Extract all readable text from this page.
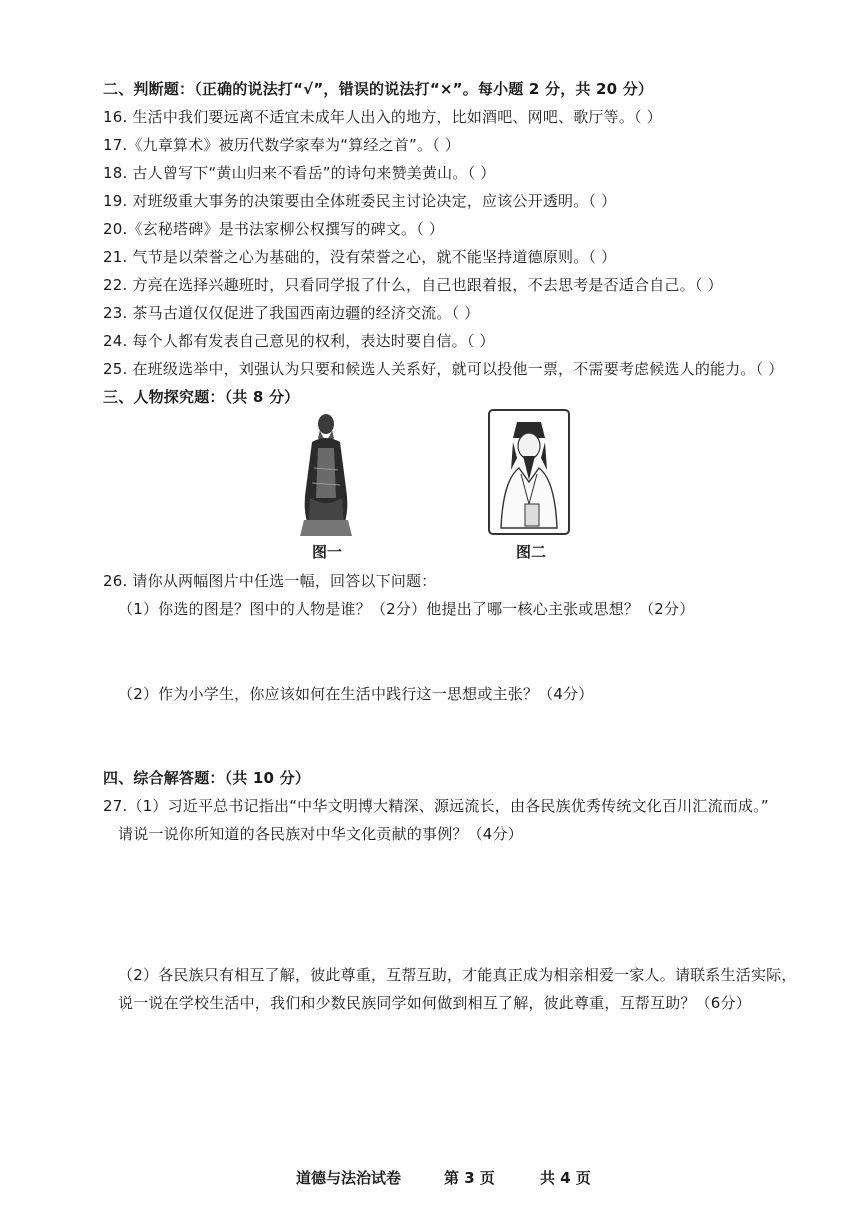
二、判断题：（正确的说法打“√”，错误的说法打“×”。每小题 2 分，共 20 分）
16. 生活中我们要远离不适宜未成年人出入的地方，比如酒吧、网吧、歌厅等。（ ）
17.《九章算术》被历代数学家奉为“算经之首”。（ ）
18. 古人曾写下“黄山归来不看岳”的诗句来赞美黄山。（ ）
19. 对班级重大事务的决策要由全体班委民主讨论决定，应该公开透明。（ ）
20.《玄秘塔碑》是书法家柳公权撰写的碑文。（ ）
21. 气节是以荣誉之心为基础的，没有荣誉之心，就不能坚持道德原则。（ ）
22. 方亮在选择兴趣班时，只看同学报了什么，自己也跟着报，不去思考是否适合自己。（ ）
23. 茶马古道仅仅促进了我国西南边疆的经济交流。（ ）
24. 每个人都有发表自己意见的权利，表达时要自信。（ ）
25. 在班级选举中，刘强认为只要和候选人关系好，就可以投他一票，不需要考虑候选人的能力。（ ）
三、人物探究题：（共 8 分）
图一	图二
26. 请你从两幅图片中任选一幅，回答以下问题：
（1）你选的图是？图中的人物是谁？（2分）他提出了哪一核心主张或思想？（2分）
（2）作为小学生，你应该如何在生活中践行这一思想或主张？（4分）
四、综合解答题：（共 10 分）
27.（1）习近平总书记指出“中华文明博大精深、源远流长，由各民族优秀传统文化百川汇流而成。”
请说一说你所知道的各民族对中华文化贡献的事例？（4分）
（2）各民族只有相互了解，彼此尊重，互帮互助，才能真正成为相亲相爱一家人。请联系生活实际，
说一说在学校生活中，我们和少数民族同学如何做到相互了解，彼此尊重，互帮互助？（6分）
道德与法治试卷	第 3 页	共 4 页
